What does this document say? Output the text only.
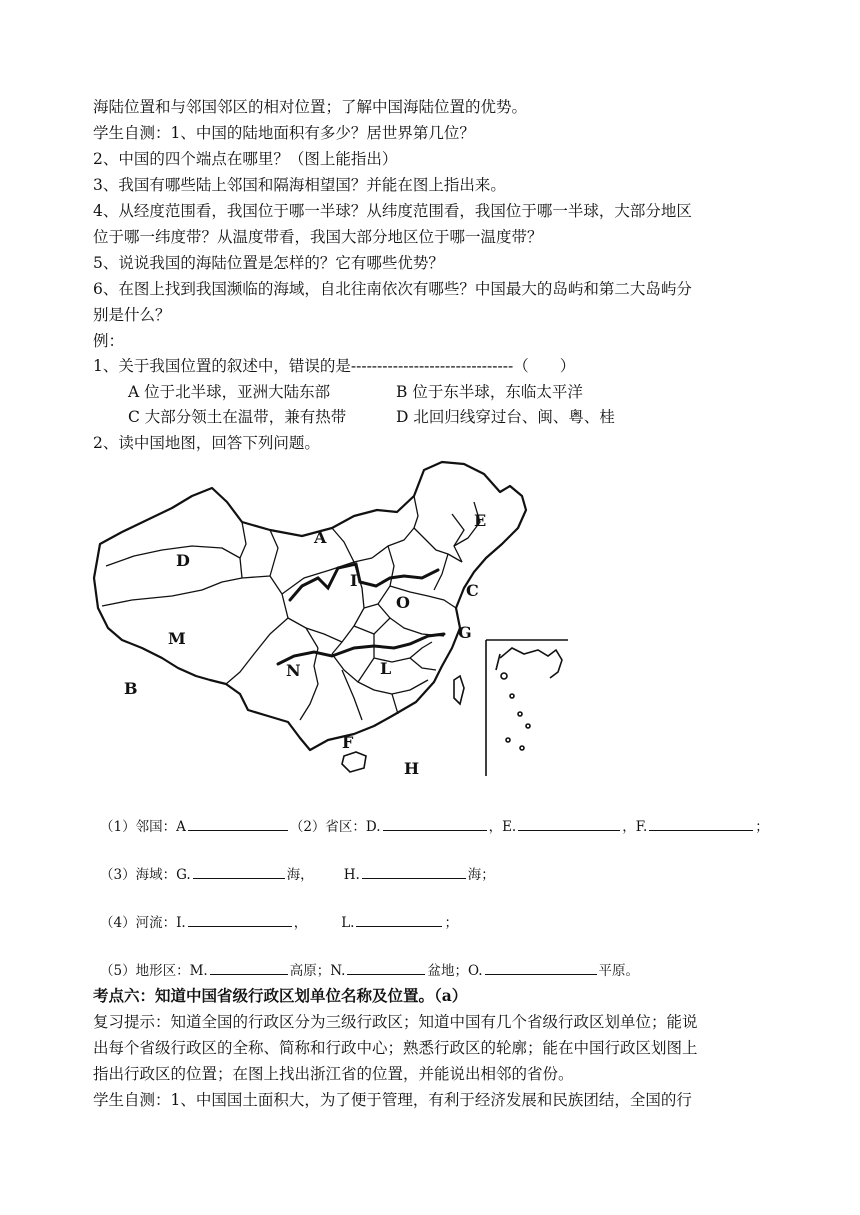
海陆位置和与邻国邻区的相对位置；了解中国海陆位置的优势。
学生自测：1、中国的陆地面积有多少？居世界第几位？
2、中国的四个端点在哪里？（图上能指出）
3、我国有哪些陆上邻国和隔海相望国？并能在图上指出来。
4、从经度范围看，我国位于哪一半球？从纬度范围看，我国位于哪一半球，大部分地区
位于哪一纬度带？从温度带看，我国大部分地区位于哪一温度带？
5、说说我国的海陆位置是怎样的？它有哪些优势？
6、在图上找到我国濒临的海域，自北往南依次有哪些？中国最大的岛屿和第二大岛屿分
别是什么？
例：
1、关于我国位置的叙述中，错误的是-------------------------------（　　）
A 位于北半球，亚洲大陆东部	B 位于东半球，东临太平洋
C 大部分领土在温带，兼有热带	D 北回归线穿过台、闽、粤、桂
2、读中国地图，回答下列问题。
A
B
C
D
E
F
G
H
I
L
M
N
O
（1）邻国：A	（2）省区：D.	，E.	，F.	；
（3）海域：G.	海， H.	海；
（4）河流：I.	，	L.	；
（5）地形区：M.	高原；N.	盆地；O.	平原。
考点六：知道中国省级行政区划单位名称及位置。（a）
复习提示：知道全国的行政区分为三级行政区；知道中国有几个省级行政区划单位；能说
出每个省级行政区的全称、简称和行政中心；熟悉行政区的轮廓；能在中国行政区划图上
指出行政区的位置；在图上找出浙江省的位置，并能说出相邻的省份。
学生自测：1、中国国土面积大，为了便于管理，有利于经济发展和民族团结，全国的行
